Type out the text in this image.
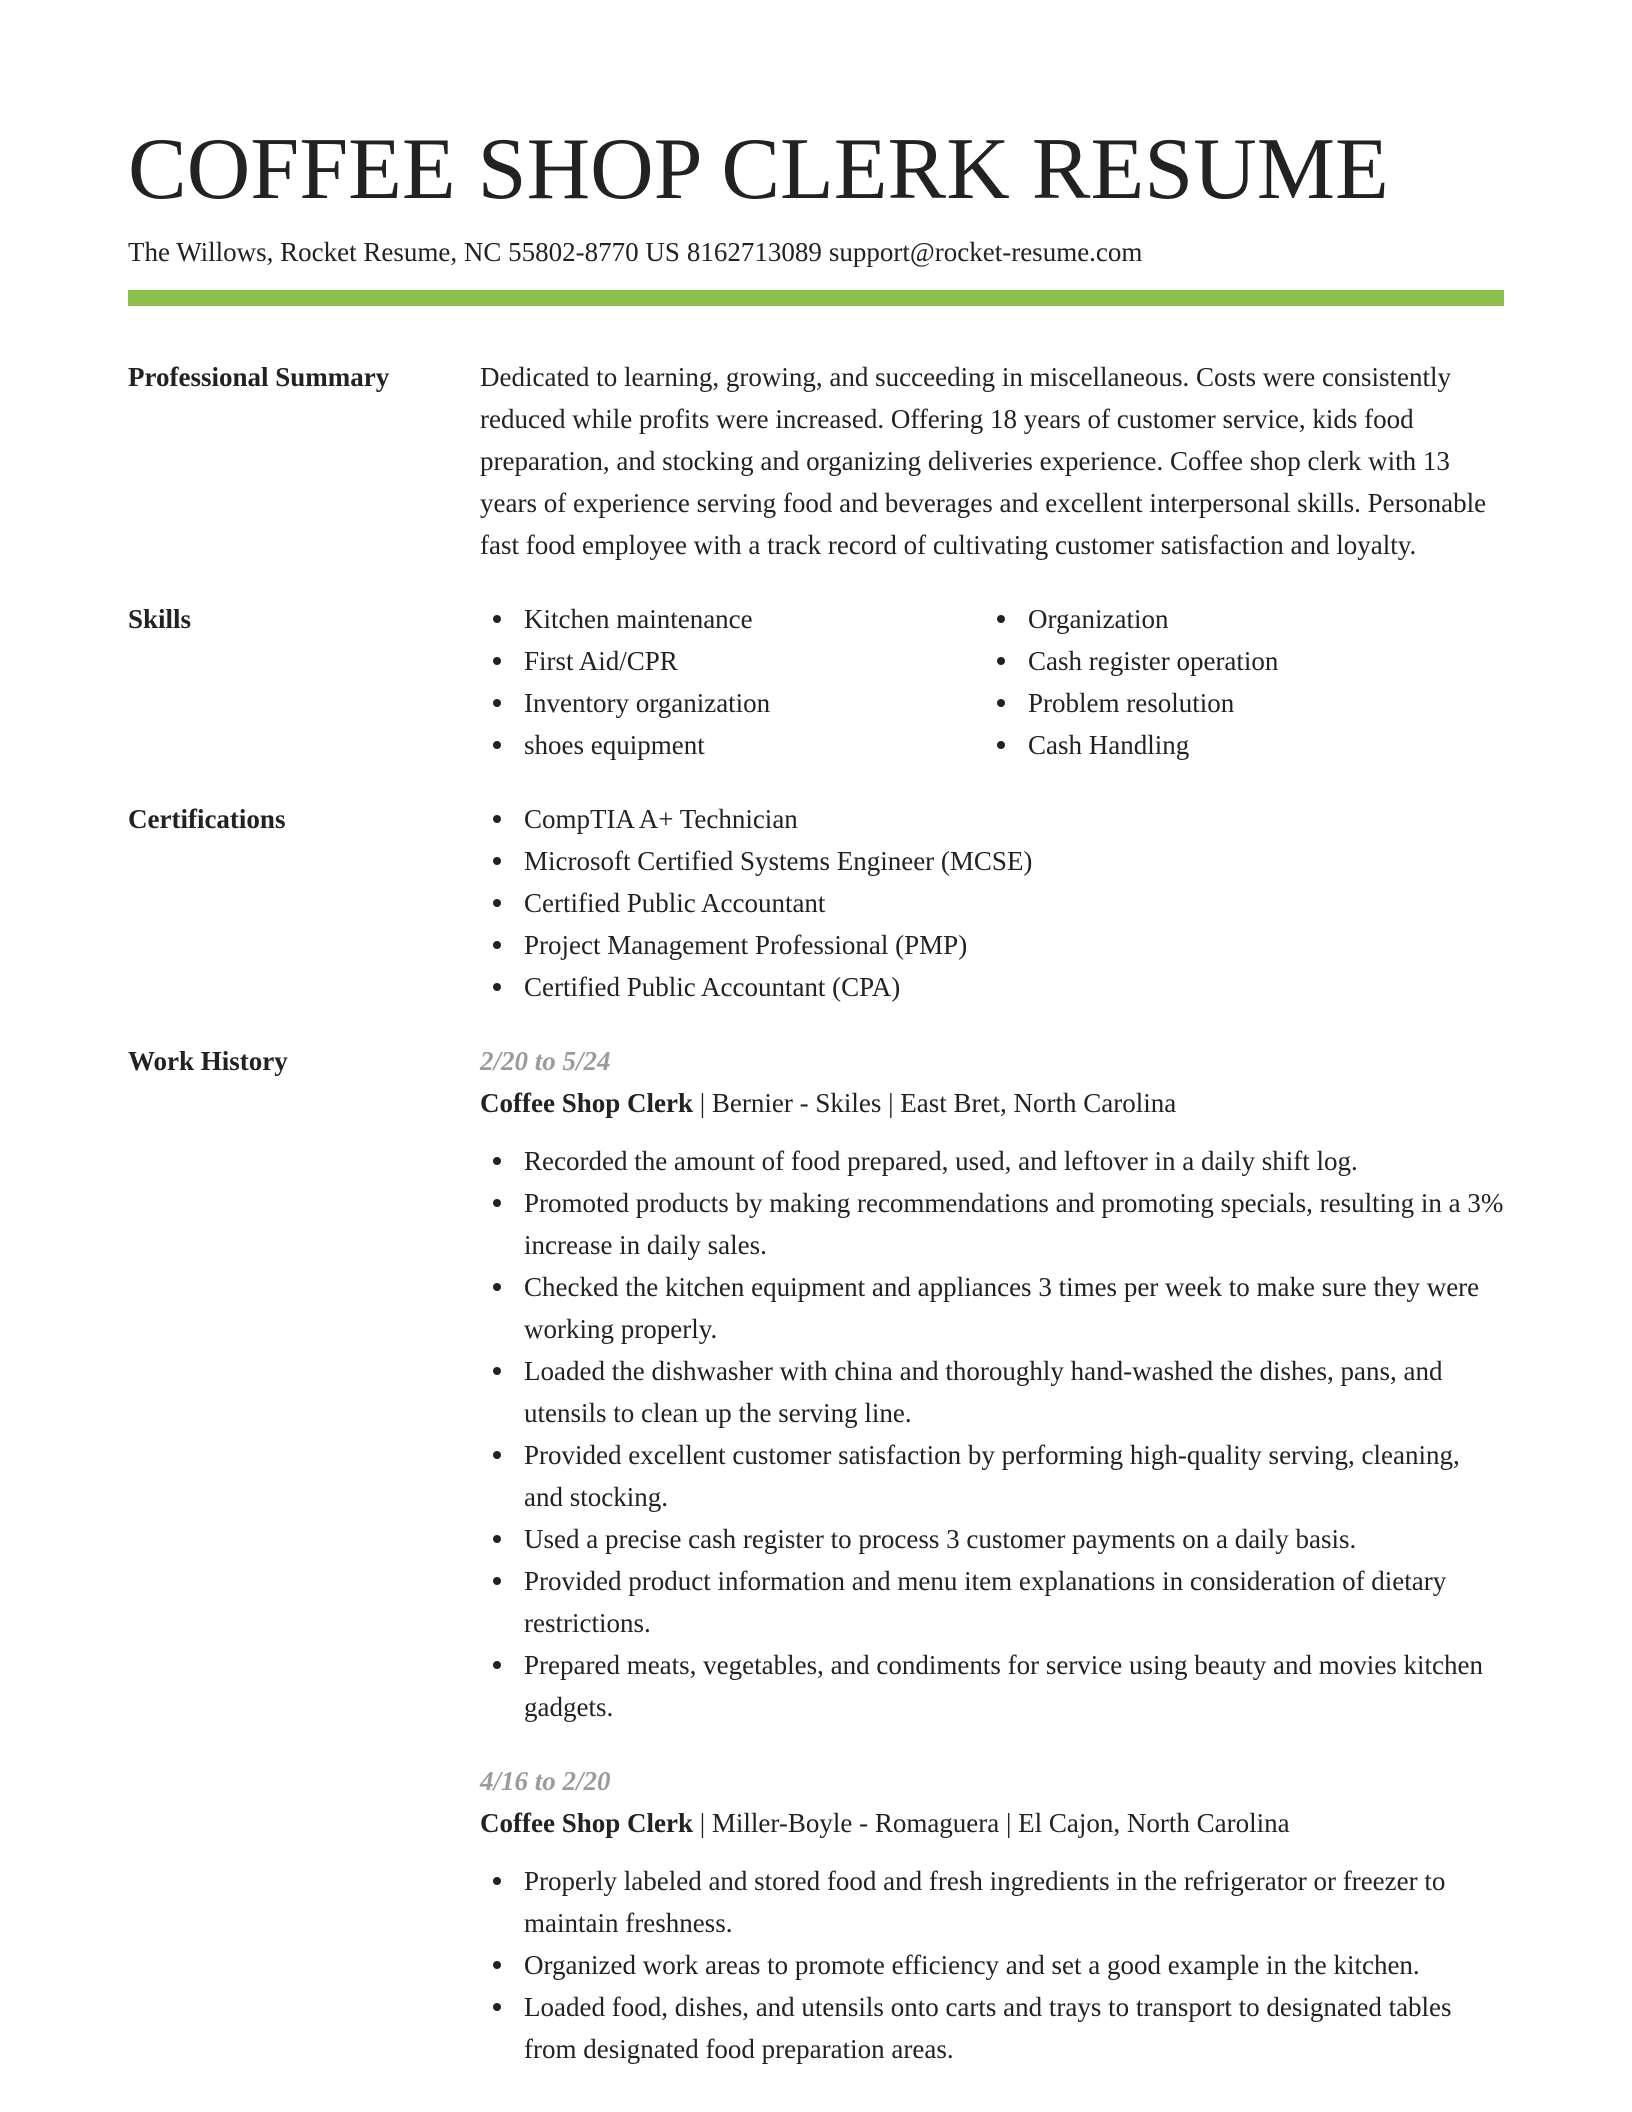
COFFEE SHOP CLERK RESUME
The Willows, Rocket Resume, NC 55802-8770 US 8162713089 support@rocket-resume.com
Professional Summary	Dedicated to learning, growing, and succeeding in miscellaneous. Costs were consistently reduced while profits were increased. Offering 18 years of customer service, kids food preparation, and stocking and organizing deliveries experience. Coffee shop clerk with 13 years of experience serving food and beverages and excellent interpersonal skills. Personable fast food employee with a track record of cultivating customer satisfaction and loyalty.
Skills	Kitchen maintenance
First Aid/CPR
Inventory organization
shoes equipment
Organization
Cash register operation
Problem resolution
Cash Handling
Certifications	CompTIA A+ Technician
Microsoft Certified Systems Engineer (MCSE)
Certified Public Accountant
Project Management Professional (PMP)
Certified Public Accountant (CPA)
Work History	2/20 to 5/24
Coffee Shop Clerk | Bernier - Skiles | East Bret, North Carolina
Recorded the amount of food prepared, used, and leftover in a daily shift log.
Promoted products by making recommendations and promoting specials, resulting in a 3% increase in daily sales.
Checked the kitchen equipment and appliances 3 times per week to make sure they were working properly.
Loaded the dishwasher with china and thoroughly hand-washed the dishes, pans, and utensils to clean up the serving line.
Provided excellent customer satisfaction by performing high-quality serving, cleaning, and stocking.
Used a precise cash register to process 3 customer payments on a daily basis.
Provided product information and menu item explanations in consideration of dietary restrictions.
Prepared meats, vegetables, and condiments for service using beauty and movies kitchen gadgets.
4/16 to 2/20
Coffee Shop Clerk | Miller-Boyle - Romaguera | El Cajon, North Carolina
Properly labeled and stored food and fresh ingredients in the refrigerator or freezer to maintain freshness.
Organized work areas to promote efficiency and set a good example in the kitchen.
Loaded food, dishes, and utensils onto carts and trays to transport to designated tables from designated food preparation areas.
